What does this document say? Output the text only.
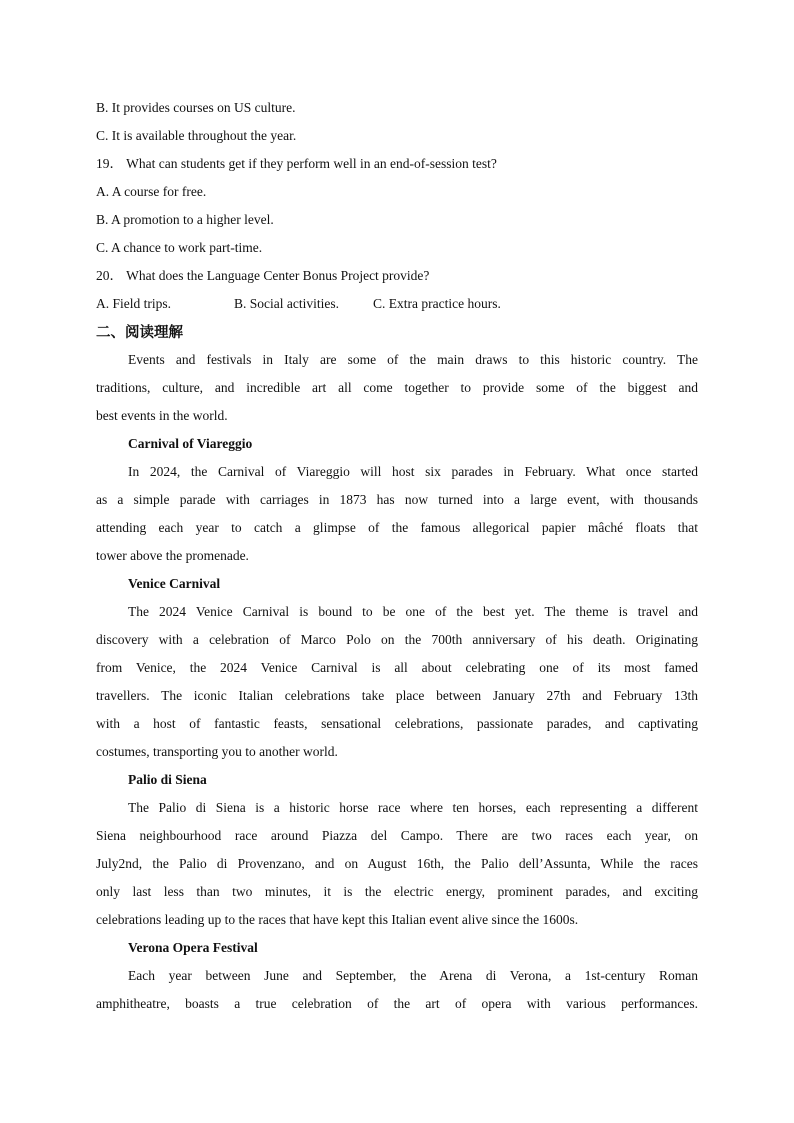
B. It provides courses on US culture.
C. It is available throughout the year.
19． What can students get if they perform well in an end-of-session test?
A. A course for free.
B. A promotion to a higher level.
C. A chance to work part-time.
20． What does the Language Center Bonus Project provide?
A. Field trips.	B. Social activities.	C. Extra practice hours.
二、阅读理解
Events and festivals in Italy are some of the main draws to this historic country. The
traditions, culture, and incredible art all come together to provide some of the biggest and
best events in the world.
Carnival of Viareggio
In 2024, the Carnival of Viareggio will host six parades in February. What once started
as a simple parade with carriages in 1873 has now turned into a large event, with thousands
attending each year to catch a glimpse of the famous allegorical papier mâché floats that
tower above the promenade.
Venice Carnival
The 2024 Venice Carnival is bound to be one of the best yet. The theme is travel and
discovery with a celebration of Marco Polo on the 700th anniversary of his death. Originating
from Venice, the 2024 Venice Carnival is all about celebrating one of its most famed
travellers. The iconic Italian celebrations take place between January 27th and February 13th
with a host of fantastic feasts, sensational celebrations, passionate parades, and captivating
costumes, transporting you to another world.
Palio di Siena
The Palio di Siena is a historic horse race where ten horses, each representing a different
Siena neighbourhood race around Piazza del Campo. There are two races each year, on
July2nd, the Palio di Provenzano, and on August 16th, the Palio dell’Assunta, While the races
only last less than two minutes, it is the electric energy, prominent parades, and exciting
celebrations leading up to the races that have kept this Italian event alive since the 1600s.
Verona Opera Festival
Each year between June and September, the Arena di Verona, a 1st-century Roman
amphitheatre, boasts a true celebration of the art of opera with various performances.
